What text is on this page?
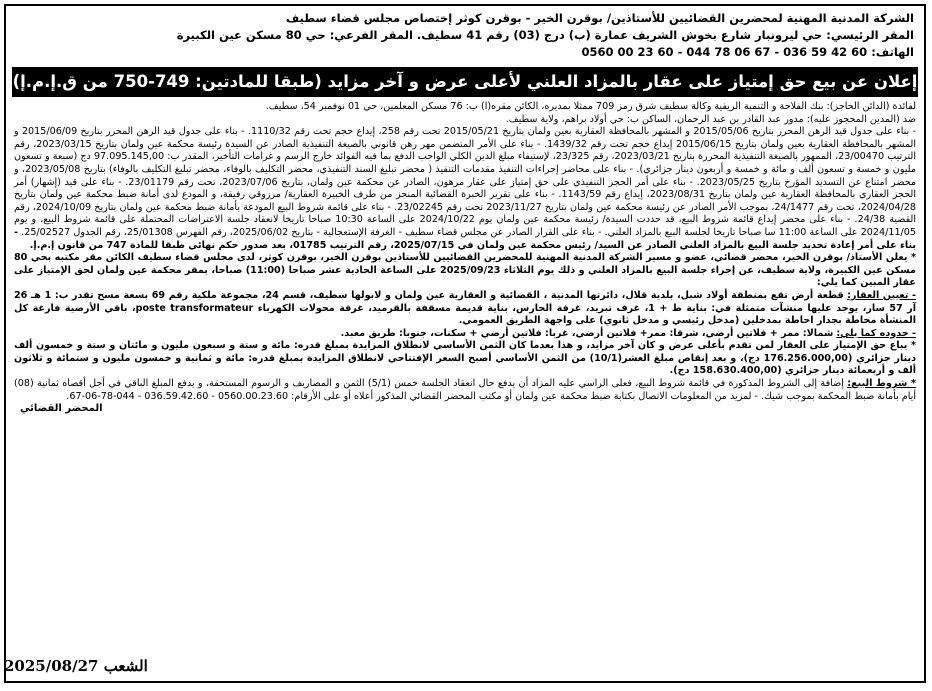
الشركة المدنية المهنية لمحضرين القضائيين للأستاذين/ بوقرن الخير - بوقرن كوثر إختصاص مجلس قضاء سطيف
المقر الرئيسي: حي ليرونبار شارع بخوش الشريف عمارة (ب) درج (03) رقم 41 سطيف. المقر الفرعي: حي 80 مسكن عين الكبيرة
الهاتف: 0560 00 23 60 - 044 78 06 67 - 036 59 42 60
إعلان عن بيع حق إمتياز على عقار بالمزاد العلني لأعلى عرض و آخر مزايد (طبقا للمادتين: 749-750 من ق.إ.م.إ)

لفائدة (الدائن الحاجز): بنك الفلاحة و التنمية الريفية وكالة سطيف شرق رمز 709 ممثلا بمديره، الكائن مقره(ا) ب: 76 مسكن المعلمين، حي 01 نوفمبر 54، سطيف.

ضد (المدين المحجوز عليه): مدور عبد القادر بن عبد الرحمان، الساكن ب: حي أولاد براهم، ولاية سطيف.

- بناء على جدول قيد الرهن المحرر بتاريخ 2015/05/06 و المشهر بالمحافظة العقارية بعين ولمان بتاريخ 2015/05/21 تحت رقم 258، إيداع حجم تحت رقم 1110/32. - بناء على جدول قيد الرهن المحرر بتاريخ 2015/06/09 و المشهر بالمحافظة العقارية بعين ولمان بتاريخ 2015/06/15 إيداع حجم تحت رقم 1439/32. - بناء على الأمر المتضمن مهر رهن قانوني بالصيغة التنفيذية الصادر عن السيدة رئيسة محكمة عين ولمان بتاريخ 2023/03/15، رقم الترتيب 23/00470، الممهور بالصيغة التنفيذية المحررة بتاريخ 2023/03/21، رقم 23/325، لإستيفاء مبلغ الدين الكلي الواجب الدفع بما فيه الفوائد خارج الرسم و غرامات التأخير، المقدر ب: 97.095.145,00 دج (سبعة و تسعون مليون و خمسة و تسعون ألف و مائة و خمسة و أربعون دينار جزائري). - بناء على محاضر إجراءات التنفيذ مقدمات التنفيذ ( محضر تبليغ السند التنفيذي، محضر التكليف بالوفاء، محضر تبليغ التكليف بالوفاء) بتاريخ 2023/05/08، و محضر امتناع عن التسديد المؤرخ بتاريخ 2023/05/25. - بناء على أمر الحجز التنفيذي على حق إمتياز على عقار مرهون، الصادر عن محكمة عين ولمان، بتاريخ 2023/07/06، تحت رقم 23/01179. - بناء على قيد (إشهار) أمر الحجز العقاري بالمحافظة العقارية عين ولمان بتاريخ 2023/08/31، إيداع رقم 1143/59. - بناء على تقرير الخبرة القضائية المنجز من طرف الخبيرة العقارية/ مرزوقي رفيقة، و المودع لدى أمانة ضبط محكمة عين ولمان بتاريخ 2024/04/28، تحت رقم 24/1477، بموجب الأمر الصادر عن رئيسة محكمة عين ولمان بتاريخ 2023/11/27 تحت رقم 23/02245. - بناء على قائمة شروط البيع المودعة بأمانة ضبط محكمة عين ولمان بتاريخ 2024/10/09، رقم القضية 24/38. - بناء على محضر إيداع قائمة شروط البيع، قد حددت السيدة/ رئيسة محكمة عين ولمان يوم 2024/10/22 على الساعة 10:30 صباحا تاريخا لانعقاد جلسة الاعتراضات المحتملة على قائمة شروط البيع، و يوم 2024/11/05 على الساعة 11:00 سا صباحا تاريخا لجلسة البيع بالمزاد العلني. - بناء على القرار الصادر عن مجلس قضاء سطيف - الغرفة الإستعجالية - بتاريخ 2025/06/02، رقم الفهرس 25/01308، رقم الجدول 25/02527. - بناء على أمر إعادة تحديد جلسة البيع بالمزاد العلني الصادر عن السيد/ رئيس محكمة عين ولمان في 2025/07/15، رقم الترتيب 01785، بعد صدور حكم نهائي طبقا للمادة 747 من قانون إ.م.إ.

* يعلن الأستاذ/ بوقرن الخير، محضر قضائي، عضو و مسير الشركة المدنية المهنية للمحضرين القضائيين للأستاذين بوقرن الخير، بوقرن كوثر، لدى مجلس قضاء سطيف الكائن مقر مكتبه بحي 80 مسكن عين الكبيرة، ولاية سطيف، عن إجراء جلسة البيع بالمزاد العلني و ذلك يوم الثلاثاء 2025/09/23 على الساعة الحادية عشر صباحا (11:00) صباحا، بمقر محكمة عين ولمان لحق الإمتياز على عقار المبين كما يلي:

- تعيين العقار: قطعة أرض تقع بمنطقة أولاد شبل، بلدية قلال، دائرتها المدنية ، القضائية و العقارية عين ولمان و لابولها سطيف، قسم 24، مجموعة ملكية رقم 69 بسعة مسح تقدر ب: 1 هـ 26 آر 57 سار، يوجد عليها منشآت متمثلة في: بناية ط + 1، غرف تبريد، غرفة الحارس، بناية قديمة مسقفة بالقرميد، غرفة محولات الكهرباء poste transformateur، باقي الأرضية فارغة كل المنشأة محاطة بجدار احاطة بمدخلين (مدخل رئيسي و مدخل ثانوي) على واجهة الطريق العمومي.

- حدوده كما يلي: شمالا: ممر + فلاتين أرضي، شرقا: ممر+ فلاتين أرضي، غربا: فلاتين أرضي + سكنات، جنوبا: طريق معبد.

* يباع حق الإمتياز على العقار لمن تقدم بأعلى عرض و كان آخر مزايد، و هذا بعدما كان الثمن الأساسي لانطلاق المزايدة بمبلغ قدره: مائة و ستة و سبعون مليون و مائتان و ستة و خمسون ألف دينار جزائري (176.256.000,00 دج)، و بعد إنقاص مبلغ العشر(10/1) من الثمن الأساسي أصبح السعر الإفتتاحي لانطلاق المزايدة بمبلغ قدره: مائة و ثمانية و خمسون مليون و ستمائة و ثلاثون ألف و أربعمائة دينار جزائري (158.630.400,00 دج).

* شروط البيع: إضافة إلى الشروط المذكورة في قائمة شروط البيع، فعلى الراسي عليه المزاد أن يدفع حال انعقاد الجلسة خمس (5/1) الثمن و المصاريف و الرسوم المستحقة، و يدفع المبلغ الباقي في أجل أقصاه ثمانية (08) أيام بأمانة ضبط المحكمة بموجب شيك. - لمزيد من المعلومات الاتصال بكتابة ضبط محكمة عين ولمان أو مكتب المحضر القضائي المذكور أعلاه أو على الأرقام: 0560.00.23.60 - 036.59.42.60 - 044-78-06-67.

المحضر القضائي
الشعب 2025/08/27
